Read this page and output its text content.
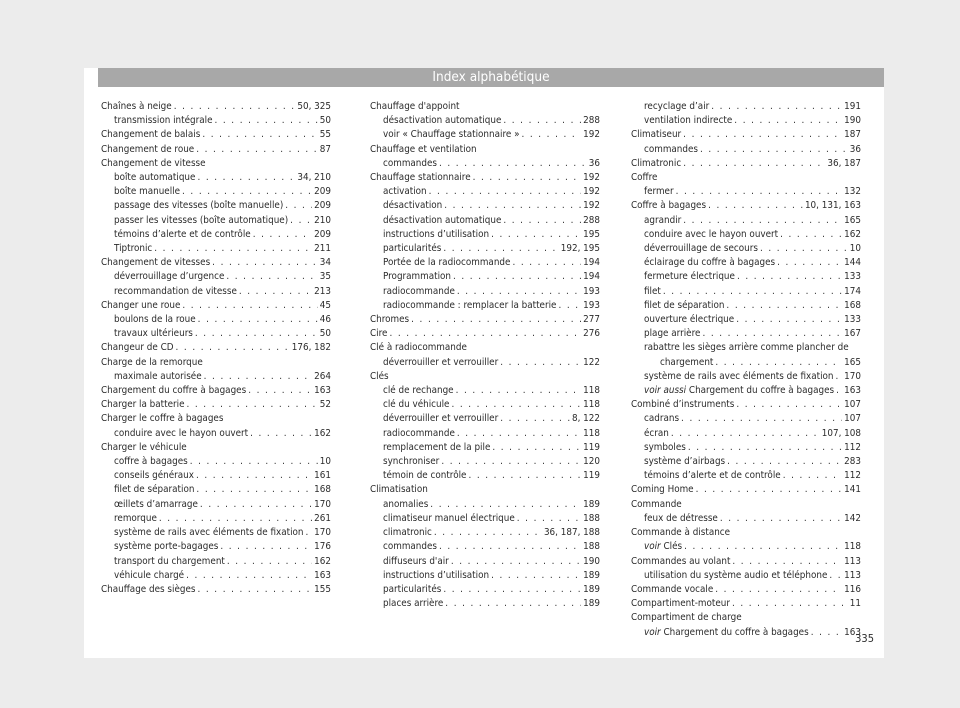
Index alphabétique
Chaînes à neige . . .	50, 325
transmission intégrale . . .	50
Changement de balais . . .	55
Changement de roue . . .	87
Changement de vitesse
boîte automatique . . .	34, 210
boîte manuelle . . .	209
passage des vitesses (boîte manuelle) . . .	209
passer les vitesses (boîte automatique) . . .	210
témoins d’alerte et de contrôle . . .	209
Tiptronic . . .	211
Changement de vitesses . . .	34
déverrouillage d’urgence . . .	35
recommandation de vitesse . . .	213
Changer une roue . . .	45
boulons de la roue . . .	46
travaux ultérieurs . . .	50
Changeur de CD . . .	176, 182
Charge de la remorque
maximale autorisée . . .	264
Chargement du coffre à bagages . . .	163
Charger la batterie . . .	52
Charger le coffre à bagages
conduire avec le hayon ouvert . . .	162
Charger le véhicule
coffre à bagages . . .	10
conseils généraux . . .	161
filet de séparation . . .	168
œillets d’amarrage . . .	170
remorque . . .	261
système de rails avec éléments de fixation . . . 170
système porte-bagages . . .	176
transport du chargement . . .	162
véhicule chargé . . .	163
Chauffage des sièges . . .	155
Chauffage d'appoint
désactivation automatique . . .	288
voir « Chauffage stationnaire » . . .	192
Chauffage et ventilation
commandes . . .	36
Chauffage stationnaire . . .	192
activation . . .	192
désactivation . . .	192
désactivation automatique . . .	288
instructions d’utilisation . . .	195
particularités . . .	192, 195
Portée de la radiocommande . . .	194
Programmation . . .	194
radiocommande . . .	193
radiocommande : remplacer la batterie . . .	193
Chromes . . .	277
Cire . . .	276
Clé à radiocommande
déverrouiller et verrouiller . . .	122
Clés
clé de rechange . . .	118
clé du véhicule . . .	118
déverrouiller et verrouiller . . .	8, 122
radiocommande . . .	118
remplacement de la pile . . .	119
synchroniser . . .	120
témoin de contrôle . . .	119
Climatisation
anomalies . . .	189
climatiseur manuel électrique . . .	188
climatronic . . .	36, 187, 188
commandes . . .	188
diffuseurs d'air . . .	190
instructions d’utilisation . . .	189
particularités . . .	189
places arrière . . .	189
recyclage d’air . . .	191
ventilation indirecte . . .	190
Climatiseur . . .	187
commandes . . .	36
Climatronic . . .	36, 187
Coffre
fermer . . .	132
Coffre à bagages . . .	10, 131, 163
agrandir . . .	165
conduire avec le hayon ouvert . . .	162
déverrouillage de secours . . .	10
éclairage du coffre à bagages . . .	144
fermeture électrique . . .	133
filet . . .	174
filet de séparation . . .	168
ouverture électrique . . .	133
plage arrière . . .	167
rabattre les sièges arrière comme plancher de
chargement . . .	165
système de rails avec éléments de fixation . . . 170
voir aussi Chargement du coffre à bagages . . . 163
Combiné d’instruments . . .	107
cadrans . . .	107
écran . . .	107, 108
symboles . . .	112
système d’airbags . . .	283
témoins d’alerte et de contrôle . . .	112
Coming Home . . .	141
Commande
feux de détresse . . .	142
Commande à distance
voir Clés . . .	118
Commandes au volant . . .	113
utilisation du système audio et téléphone . . . 113
Commande vocale . . .	116
Compartiment-moteur . . .	11
Compartiment de charge
voir Chargement du coffre à bagages . . .	163
335
